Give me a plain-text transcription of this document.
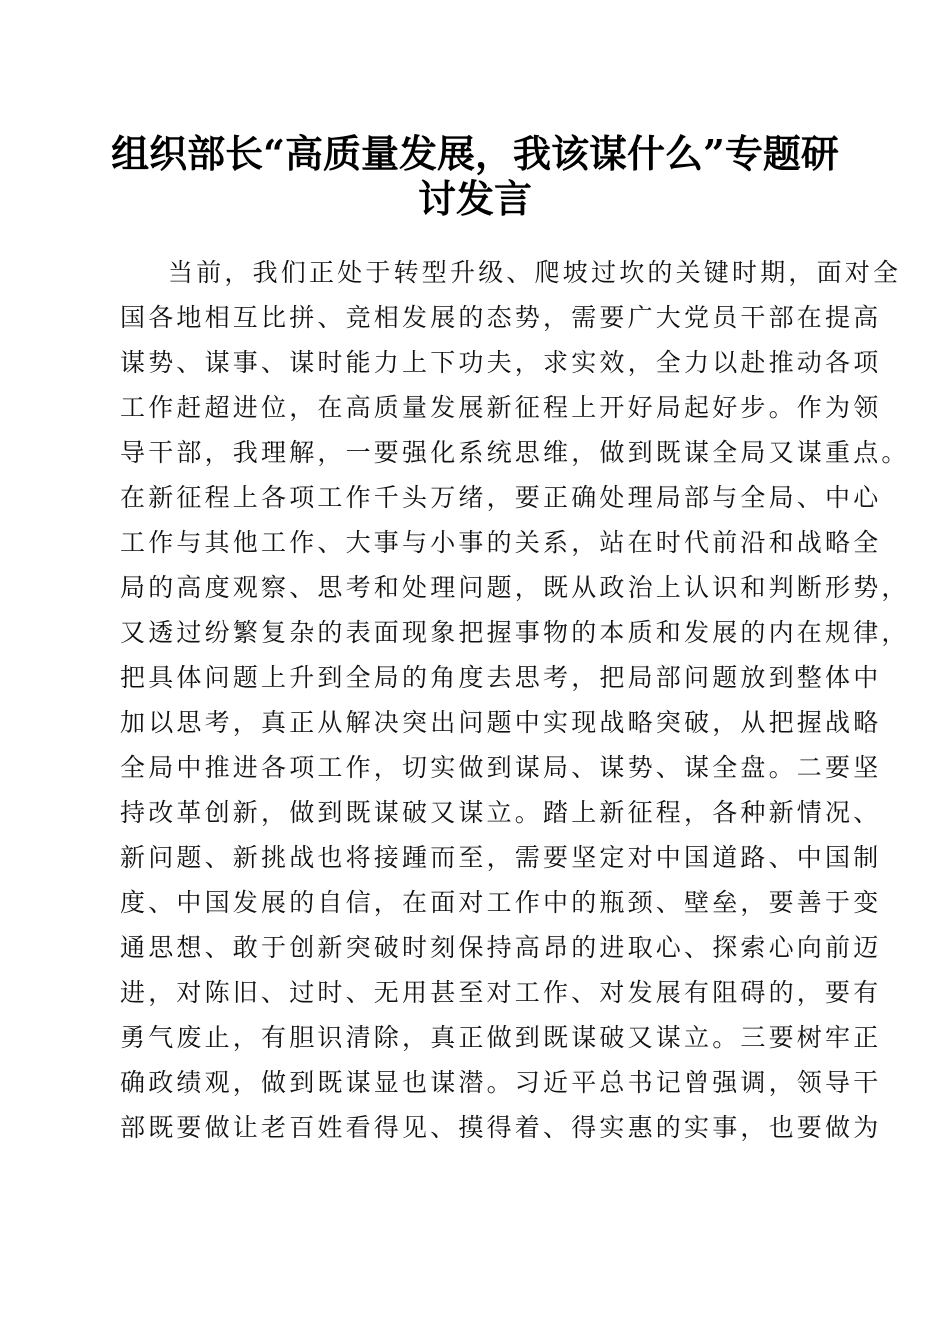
组织部长“高质量发展，我该谋什么”专题研
讨发言
当前，我们正处于转型升级、爬坡过坎的关键时期，面对全
国各地相互比拼、竞相发展的态势，需要广大党员干部在提高
谋势、谋事、谋时能力上下功夫，求实效，全力以赴推动各项
工作赶超进位，在高质量发展新征程上开好局起好步。作为领
导干部，我理解，一要强化系统思维，做到既谋全局又谋重点。
在新征程上各项工作千头万绪，要正确处理局部与全局、中心
工作与其他工作、大事与小事的关系，站在时代前沿和战略全
局的高度观察、思考和处理问题，既从政治上认识和判断形势，
又透过纷繁复杂的表面现象把握事物的本质和发展的内在规律，
把具体问题上升到全局的角度去思考，把局部问题放到整体中
加以思考，真正从解决突出问题中实现战略突破，从把握战略
全局中推进各项工作，切实做到谋局、谋势、谋全盘。二要坚
持改革创新，做到既谋破又谋立。踏上新征程，各种新情况、
新问题、新挑战也将接踵而至，需要坚定对中国道路、中国制
度、中国发展的自信，在面对工作中的瓶颈、壁垒，要善于变
通思想、敢于创新突破时刻保持高昂的进取心、探索心向前迈
进，对陈旧、过时、无用甚至对工作、对发展有阻碍的，要有
勇气废止，有胆识清除，真正做到既谋破又谋立。三要树牢正
确政绩观，做到既谋显也谋潜。习近平总书记曾强调，领导干
部既要做让老百姓看得见、摸得着、得实惠的实事，也要做为
